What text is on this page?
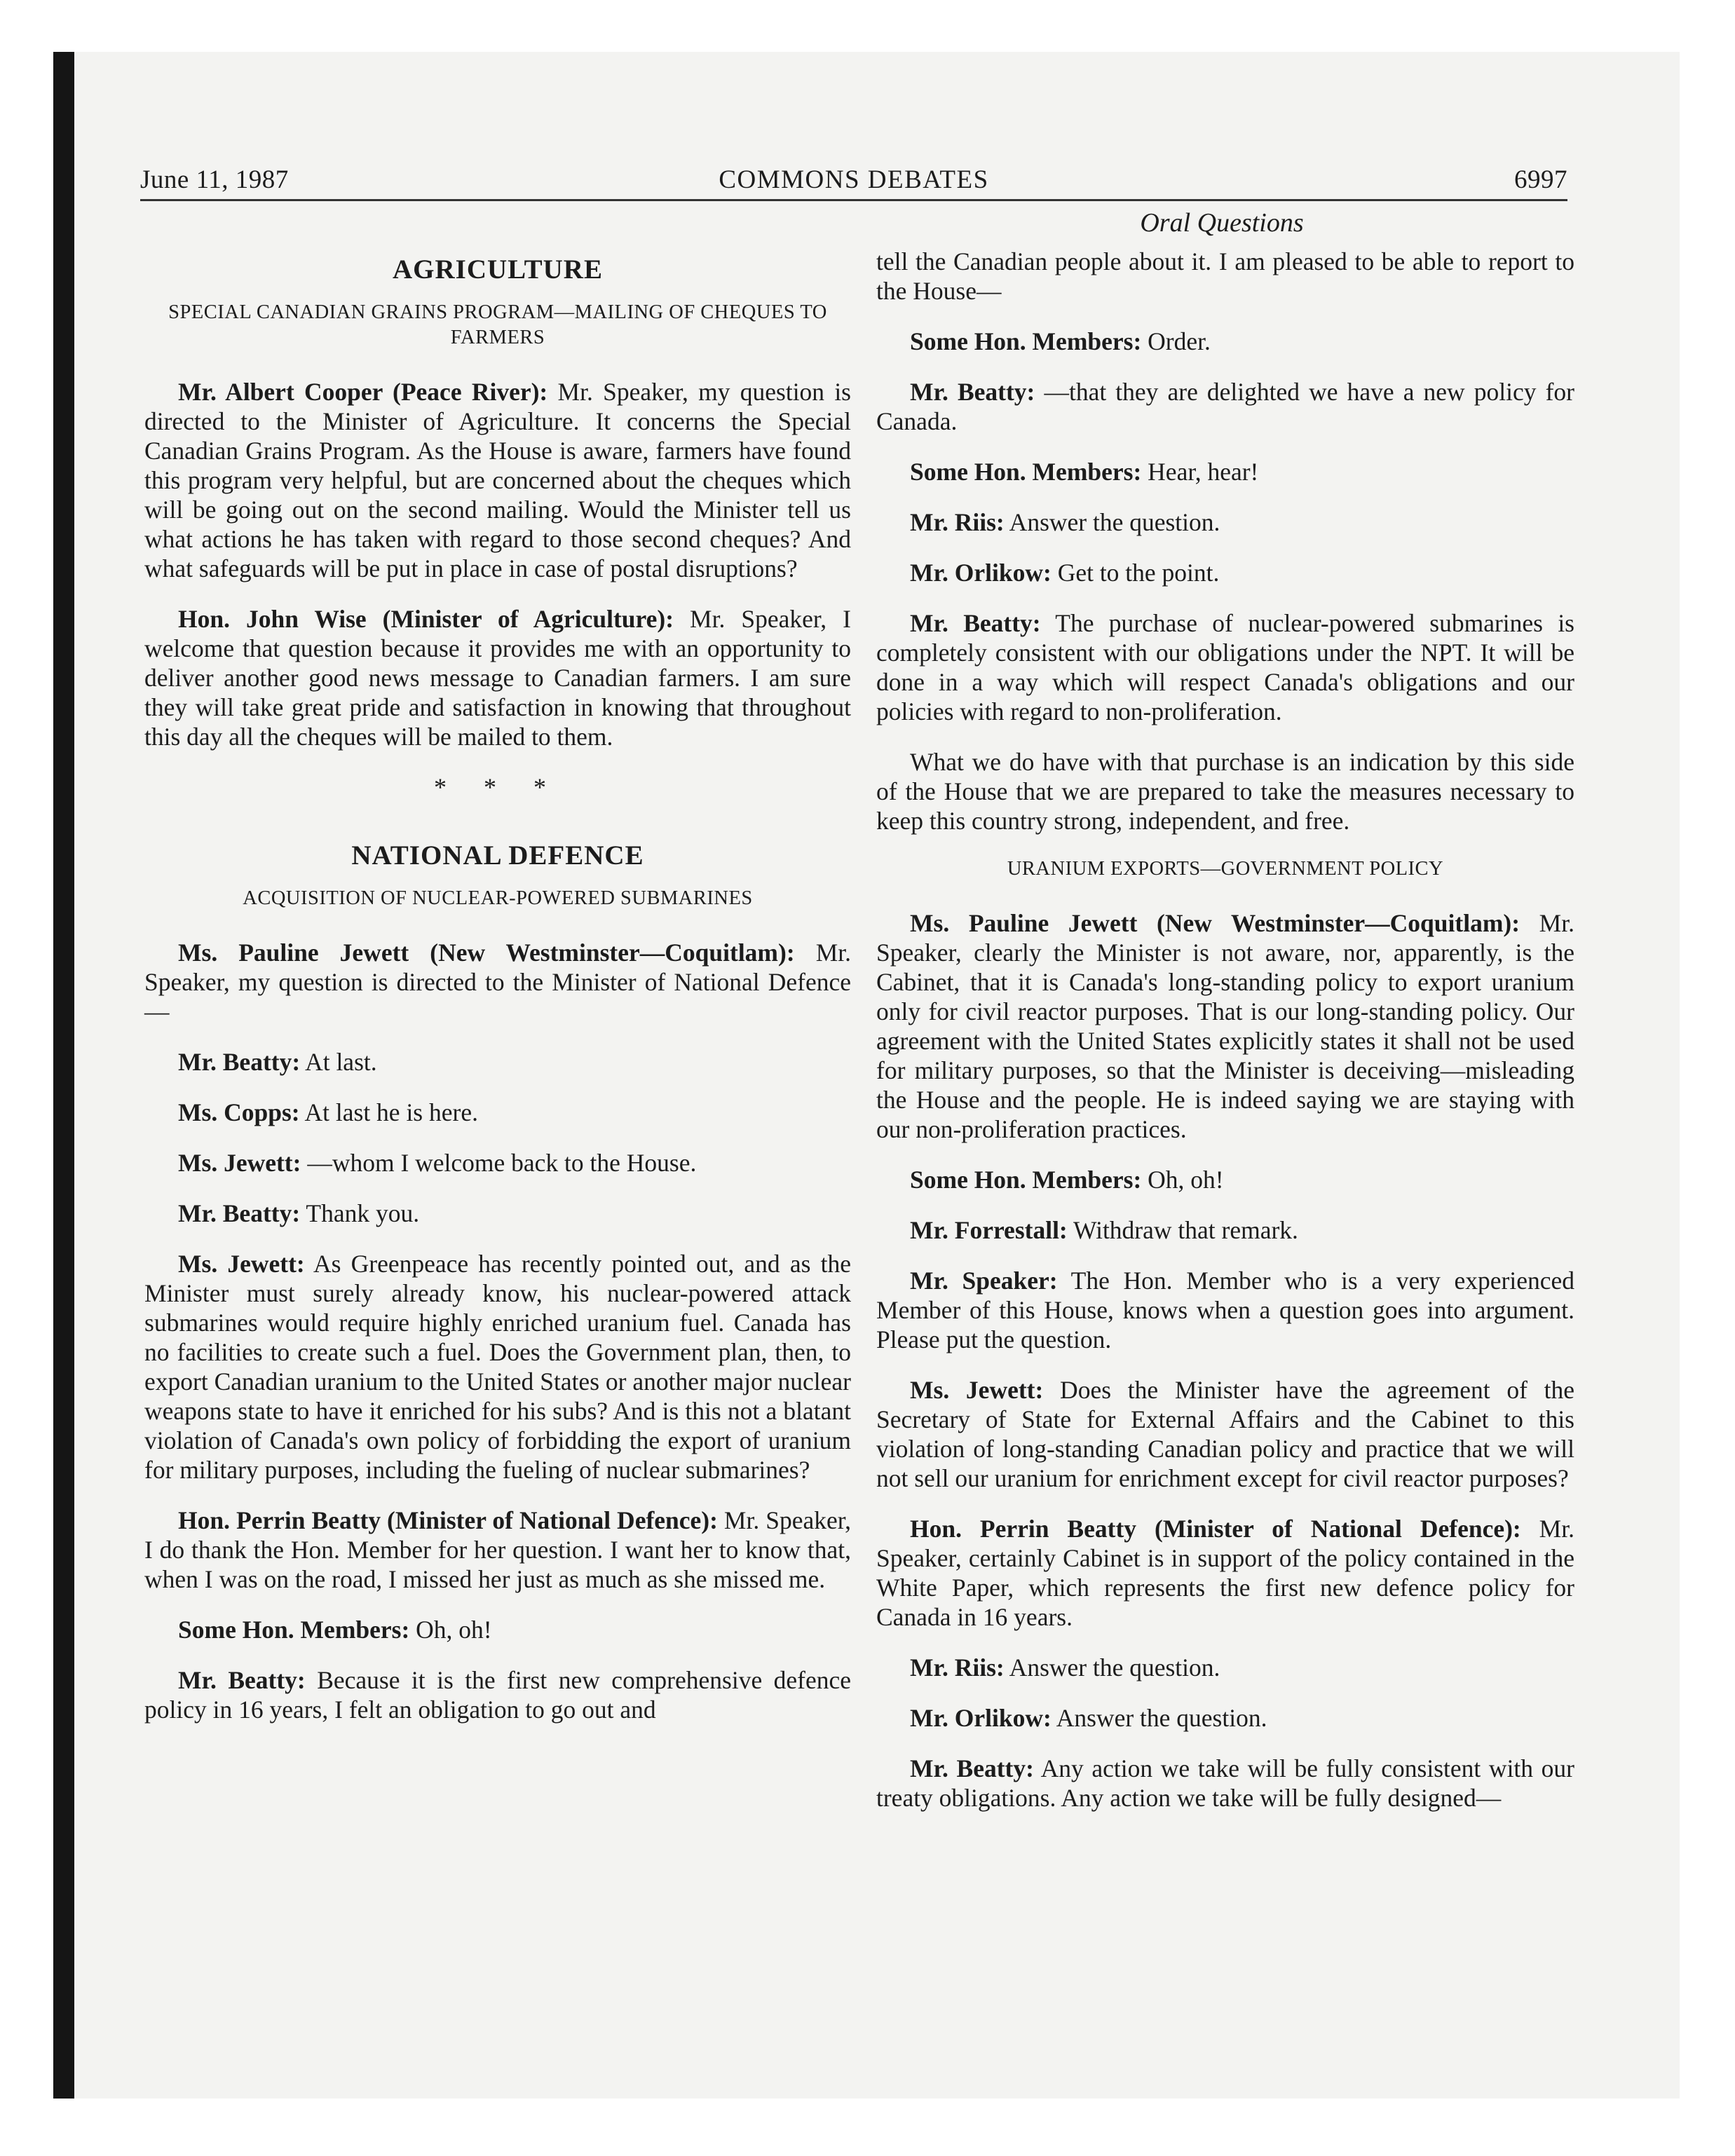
June 11, 1987	COMMONS DEBATES	6997
Oral Questions
AGRICULTURE
SPECIAL CANADIAN GRAINS PROGRAM—MAILING OF CHEQUES TO FARMERS

Mr. Albert Cooper (Peace River): Mr. Speaker, my question is directed to the Minister of Agriculture. It concerns the Special Canadian Grains Program. As the House is aware, farmers have found this program very helpful, but are concerned about the cheques which will be going out on the second mailing. Would the Minister tell us what actions he has taken with regard to those second cheques? And what safeguards will be put in place in case of postal disruptions?

Hon. John Wise (Minister of Agriculture): Mr. Speaker, I welcome that question because it provides me with an opportunity to deliver another good news message to Canadian farmers. I am sure they will take great pride and satisfaction in knowing that throughout this day all the cheques will be mailed to them.

* * *
NATIONAL DEFENCE
ACQUISITION OF NUCLEAR-POWERED SUBMARINES

Ms. Pauline Jewett (New Westminster—Coquitlam): Mr. Speaker, my question is directed to the Minister of National Defence—

Mr. Beatty: At last.

Ms. Copps: At last he is here.

Ms. Jewett: —whom I welcome back to the House.

Mr. Beatty: Thank you.

Ms. Jewett: As Greenpeace has recently pointed out, and as the Minister must surely already know, his nuclear-powered attack submarines would require highly enriched uranium fuel. Canada has no facilities to create such a fuel. Does the Government plan, then, to export Canadian uranium to the United States or another major nuclear weapons state to have it enriched for his subs? And is this not a blatant violation of Canada's own policy of forbidding the export of uranium for military purposes, including the fueling of nuclear submarines?

Hon. Perrin Beatty (Minister of National Defence): Mr. Speaker, I do thank the Hon. Member for her question. I want her to know that, when I was on the road, I missed her just as much as she missed me.

Some Hon. Members: Oh, oh!

Mr. Beatty: Because it is the first new comprehensive defence policy in 16 years, I felt an obligation to go out and

tell the Canadian people about it. I am pleased to be able to report to the House—

Some Hon. Members: Order.

Mr. Beatty: —that they are delighted we have a new policy for Canada.

Some Hon. Members: Hear, hear!

Mr. Riis: Answer the question.

Mr. Orlikow: Get to the point.

Mr. Beatty: The purchase of nuclear-powered submarines is completely consistent with our obligations under the NPT. It will be done in a way which will respect Canada's obligations and our policies with regard to non-proliferation.

What we do have with that purchase is an indication by this side of the House that we are prepared to take the measures necessary to keep this country strong, independent, and free.

URANIUM EXPORTS—GOVERNMENT POLICY

Ms. Pauline Jewett (New Westminster—Coquitlam): Mr. Speaker, clearly the Minister is not aware, nor, apparently, is the Cabinet, that it is Canada's long-standing policy to export uranium only for civil reactor purposes. That is our long-standing policy. Our agreement with the United States explicitly states it shall not be used for military purposes, so that the Minister is deceiving—misleading the House and the people. He is indeed saying we are staying with our non-proliferation practices.

Some Hon. Members: Oh, oh!

Mr. Forrestall: Withdraw that remark.

Mr. Speaker: The Hon. Member who is a very experienced Member of this House, knows when a question goes into argument. Please put the question.

Ms. Jewett: Does the Minister have the agreement of the Secretary of State for External Affairs and the Cabinet to this violation of long-standing Canadian policy and practice that we will not sell our uranium for enrichment except for civil reactor purposes?

Hon. Perrin Beatty (Minister of National Defence): Mr. Speaker, certainly Cabinet is in support of the policy contained in the White Paper, which represents the first new defence policy for Canada in 16 years.

Mr. Riis: Answer the question.

Mr. Orlikow: Answer the question.

Mr. Beatty: Any action we take will be fully consistent with our treaty obligations. Any action we take will be fully designed—
